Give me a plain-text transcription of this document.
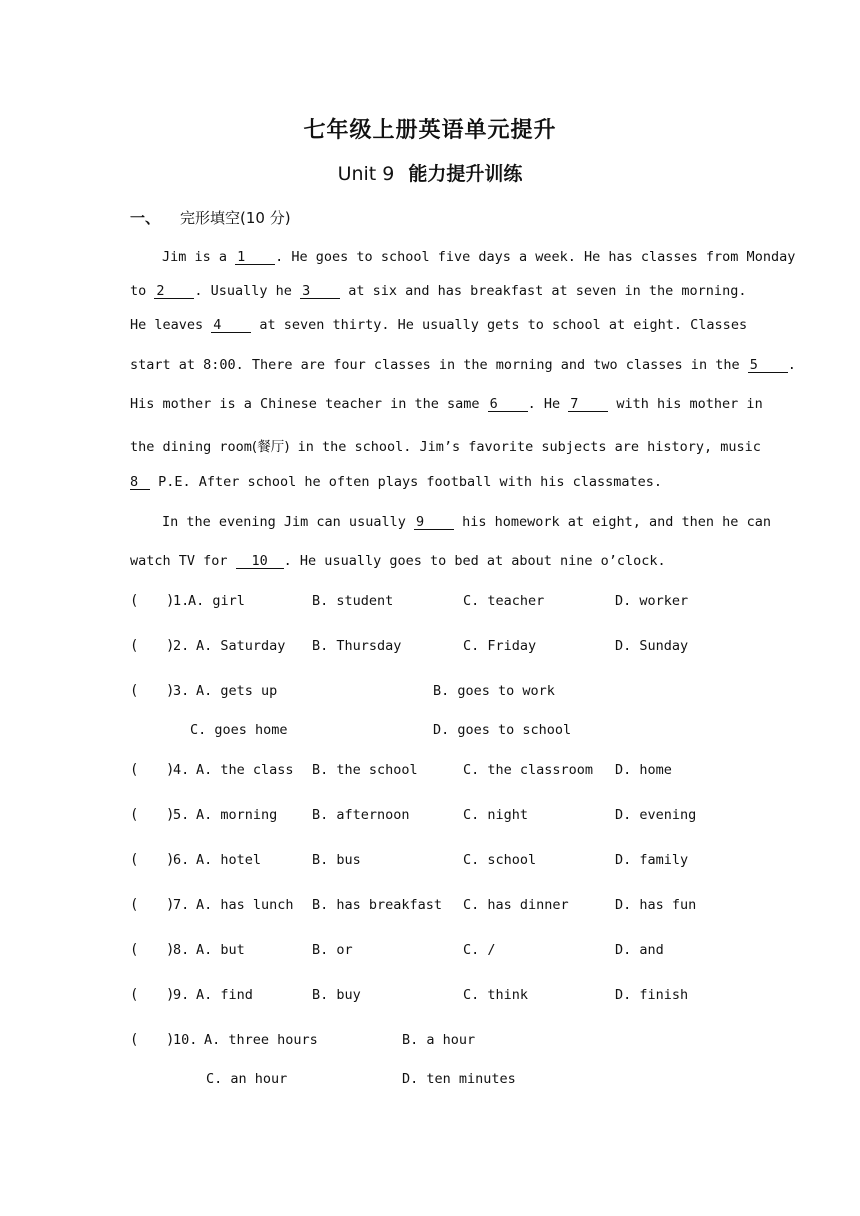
七年级上册英语单元提升
Unit 9 能力提升训练
一、 完形填空(10 分)
Jim is a 1 . He goes to school five days a week. He has classes from Monday
to 2 . Usually he 3 at six and has breakfast at seven in the morning.
He leaves 4 at seven thirty. He usually gets to school at eight. Classes
start at 8:00. There are four classes in the morning and two classes in the 5 .
His mother is a Chinese teacher in the same 6 . He 7 with his mother in
the dining room(餐厅) in the school. Jim’s favorite subjects are history, music
8 P.E. After school he often plays football with his classmates.
In the evening Jim can usually 9 his homework at eight, and then he can
watch TV for 10 . He usually goes to bed at about nine o’clock.
( )
1.
A. girl	B. student	C. teacher	D. worker
( )
2. A. Saturday B. Thursday	C. Friday	D. Sunday
( )
3. A. gets up	B. goes to work
C. goes home	D. goes to school
( )
4. A. the class B. the school	C. the classroom D. home
( )
5. A. morning	B. afternoon	C. night	D. evening
( )
6. A. hotel	B. bus	C. school	D. family
( )
7. A. has lunch B. has breakfast C. has dinner	D. has fun
( )
8. A. but	B. or	C. /	D. and
( )
9. A. find	B. buy	C. think	D. finish
( )
10. A. three hours	B. a hour
C. an hour	D. ten minutes
